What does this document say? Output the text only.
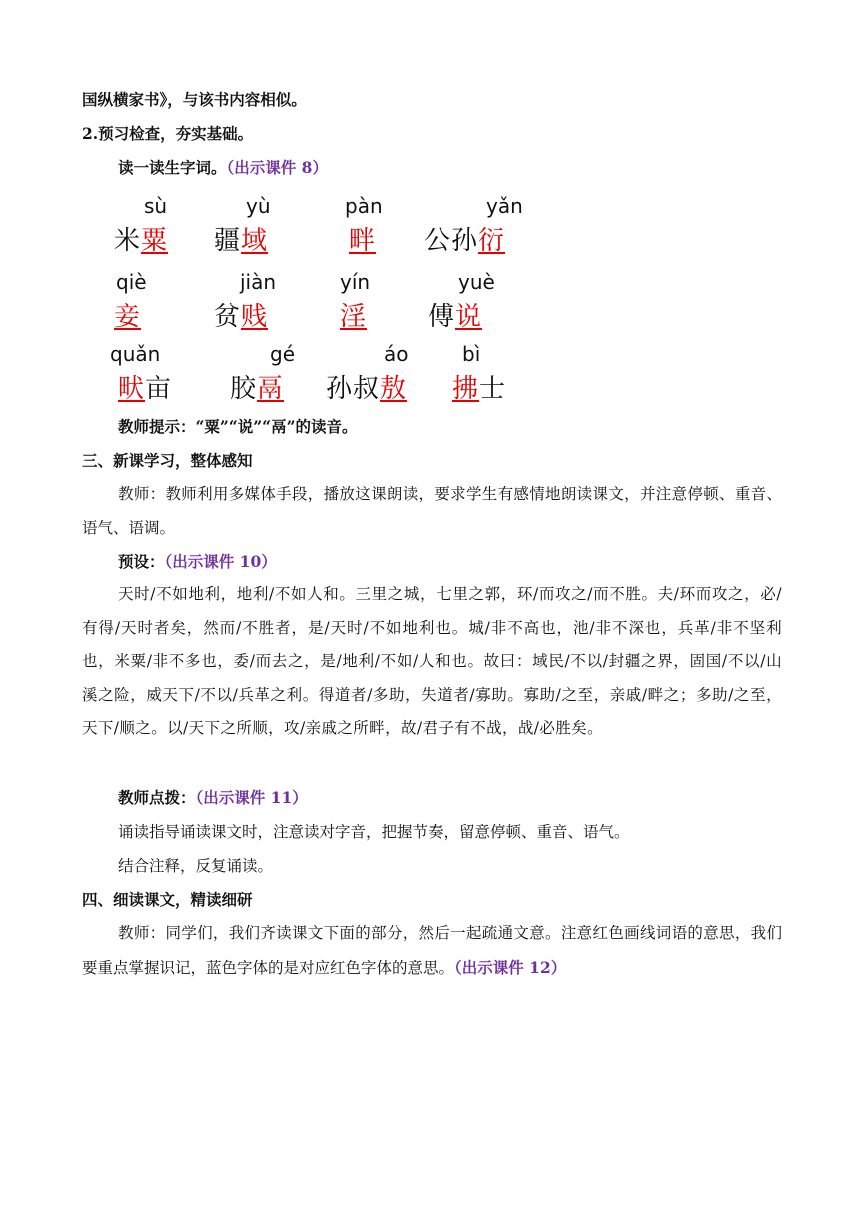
国纵横家书》，与该书内容相似。
2.预习检查，夯实基础。
读一读生字词。（出示课件 8）
sù
米粟
yù
疆域
pàn
畔
yǎn
公孙衍
qiè
妾
jiàn
贫贱
yín
淫
yuè
傅说
quǎn
畎亩
gé
胶鬲
áo
孙叔敖
bì
拂士
教师提示：“粟”“说”“鬲”的读音。
三、新课学习，整体感知
教师：教师利用多媒体手段，播放这课朗读，要求学生有感情地朗读课文，并注意停顿、重音、语气、语调。
预设：（出示课件 10）
天时/不如地利，地利/不如人和。三里之城，七里之郭，环/而攻之/而不胜。夫/环而攻之，必/有得/天时者矣，然而/不胜者，是/天时/不如地利也。城/非不高也，池/非不深也，兵革/非不坚利也，米粟/非不多也，委/而去之，是/地利/不如/人和也。故曰：域民/不以/封疆之界，固国/不以/山溪之险，威天下/不以/兵革之利。得道者/多助，失道者/寡助。寡助/之至，亲戚/畔之；多助/之至，天下/顺之。以/天下之所顺，攻/亲戚之所畔，故/君子有不战，战/必胜矣。
教师点拨：（出示课件 11）
诵读指导诵读课文时，注意读对字音，把握节奏，留意停顿、重音、语气。
结合注释，反复诵读。
四、细读课文，精读细研
教师：同学们，我们齐读课文下面的部分，然后一起疏通文意。注意红色画线词语的意思，我们要重点掌握识记，蓝色字体的是对应红色字体的意思。（出示课件 12）
